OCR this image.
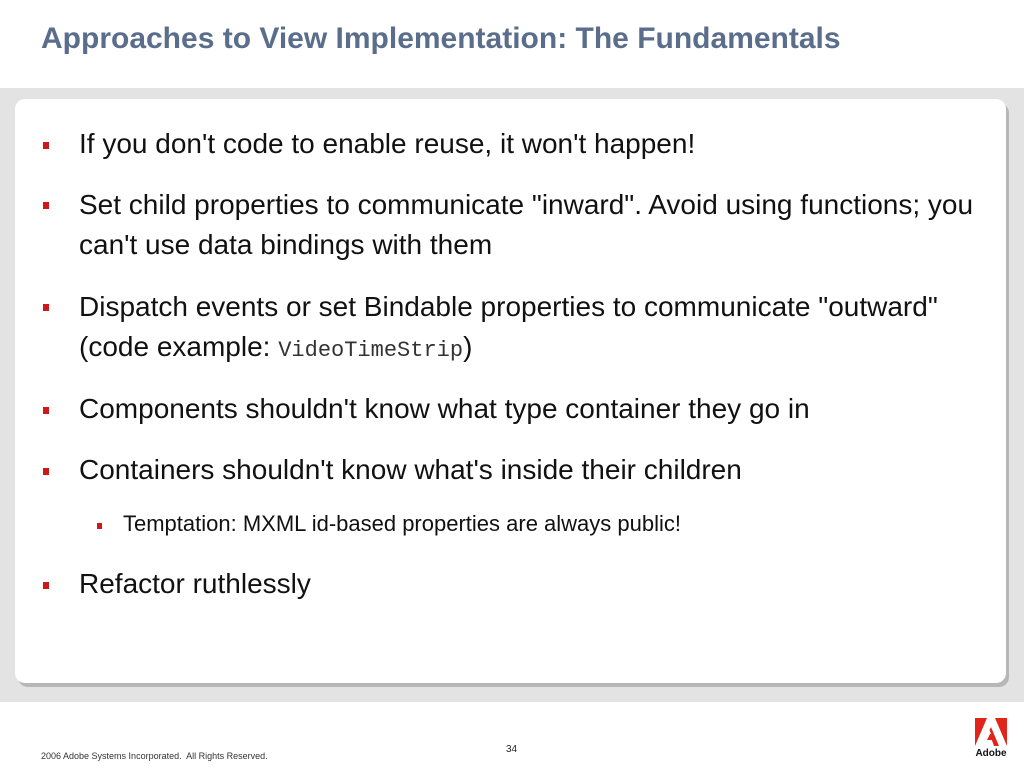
Approaches to View Implementation: The Fundamentals
If you don't code to enable reuse, it won't happen!
Set child properties to communicate "inward". Avoid using functions; you can't use data bindings with them
Dispatch events or set Bindable properties to communicate "outward" (code example: VideoTimeStrip)
Components shouldn't know what type container they go in
Containers shouldn't know what's inside their children
Temptation: MXML id-based properties are always public!
Refactor ruthlessly
34
2006 Adobe Systems Incorporated.  All Rights Reserved.	Adobe
